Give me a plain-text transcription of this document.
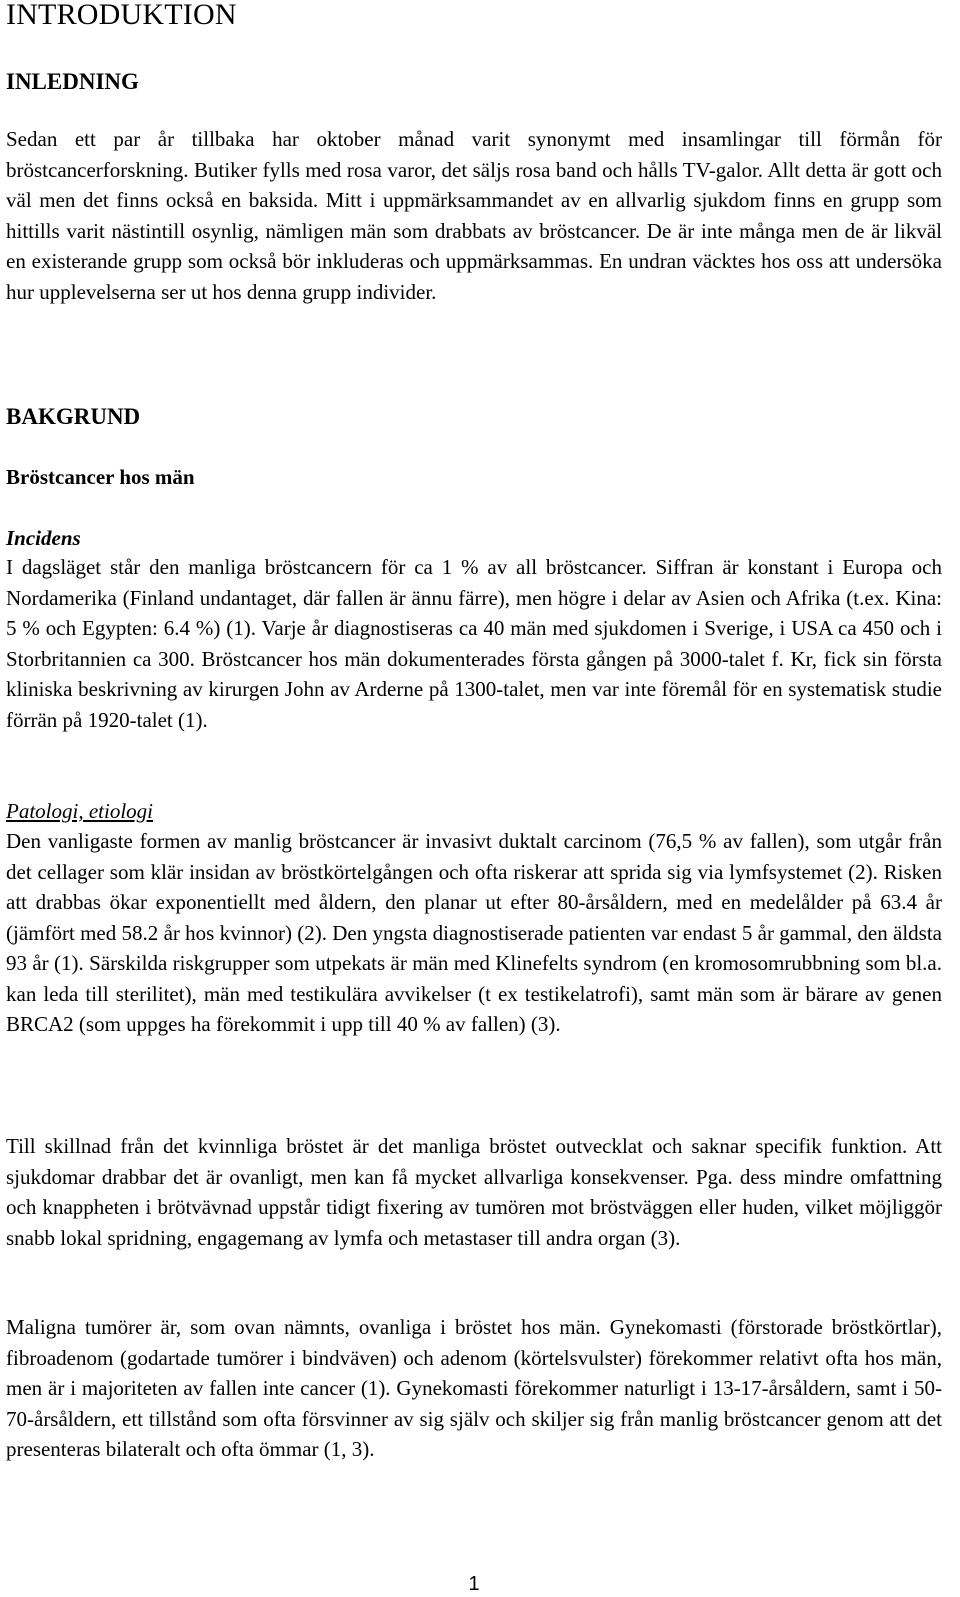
INTRODUKTION
INLEDNING

Sedan ett par år tillbaka har oktober månad varit synonymt med insamlingar till förmån för bröstcancerforskning. Butiker fylls med rosa varor, det säljs rosa band och hålls TV-galor. Allt detta är gott och väl men det finns också en baksida. Mitt i uppmärksammandet av en allvarlig sjukdom finns en grupp som hittills varit nästintill osynlig, nämligen män som drabbats av bröstcancer. De är inte många men de är likväl en existerande grupp som också bör inkluderas och uppmärksammas. En undran väcktes hos oss att undersöka hur upplevelserna ser ut hos denna grupp individer.

BAKGRUND
Bröstcancer hos män
Incidens

I dagsläget står den manliga bröstcancern för ca 1 % av all bröstcancer. Siffran är konstant i Europa och Nordamerika (Finland undantaget, där fallen är ännu färre), men högre i delar av Asien och Afrika (t.ex. Kina: 5 % och Egypten: 6.4 %) (1). Varje år diagnostiseras ca 40 män med sjukdomen i Sverige, i USA ca 450 och i Storbritannien ca 300. Bröstcancer hos män dokumenterades första gången på 3000-talet f. Kr, fick sin första kliniska beskrivning av kirurgen John av Arderne på 1300-talet, men var inte föremål för en systematisk studie förrän på 1920-talet (1).

Patologi, etiologi

Den vanligaste formen av manlig bröstcancer är invasivt duktalt carcinom (76,5 % av fallen), som utgår från det cellager som klär insidan av bröstkörtelgången och ofta riskerar att sprida sig via lymfsystemet (2). Risken att drabbas ökar exponentiellt med åldern, den planar ut efter 80-årsåldern, med en medelålder på 63.4 år (jämfört med 58.2 år hos kvinnor) (2). Den yngsta diagnostiserade patienten var endast 5 år gammal, den äldsta 93 år (1). Särskilda riskgrupper som utpekats är män med Klinefelts syndrom (en kromosomrubbning som bl.a. kan leda till sterilitet), män med testikulära avvikelser (t ex testikelatrofi), samt män som är bärare av genen BRCA2 (som uppges ha förekommit i upp till 40 % av fallen) (3).

Till skillnad från det kvinnliga bröstet är det manliga bröstet outvecklat och saknar specifik funktion. Att sjukdomar drabbar det är ovanligt, men kan få mycket allvarliga konsekvenser. Pga. dess mindre omfattning och knappheten i brötvävnad uppstår tidigt fixering av tumören mot bröstväggen eller huden, vilket möjliggör snabb lokal spridning, engagemang av lymfa och metastaser till andra organ (3).

Maligna tumörer är, som ovan nämnts, ovanliga i bröstet hos män. Gynekomasti (förstorade bröstkörtlar), fibroadenom (godartade tumörer i bindväven) och adenom (körtelsvulster) förekommer relativt ofta hos män, men är i majoriteten av fallen inte cancer (1). Gynekomasti förekommer naturligt i 13-17-årsåldern, samt i 50-70-årsåldern, ett tillstånd som ofta försvinner av sig själv och skiljer sig från manlig bröstcancer genom att det presenteras bilateralt och ofta ömmar (1, 3).

1
